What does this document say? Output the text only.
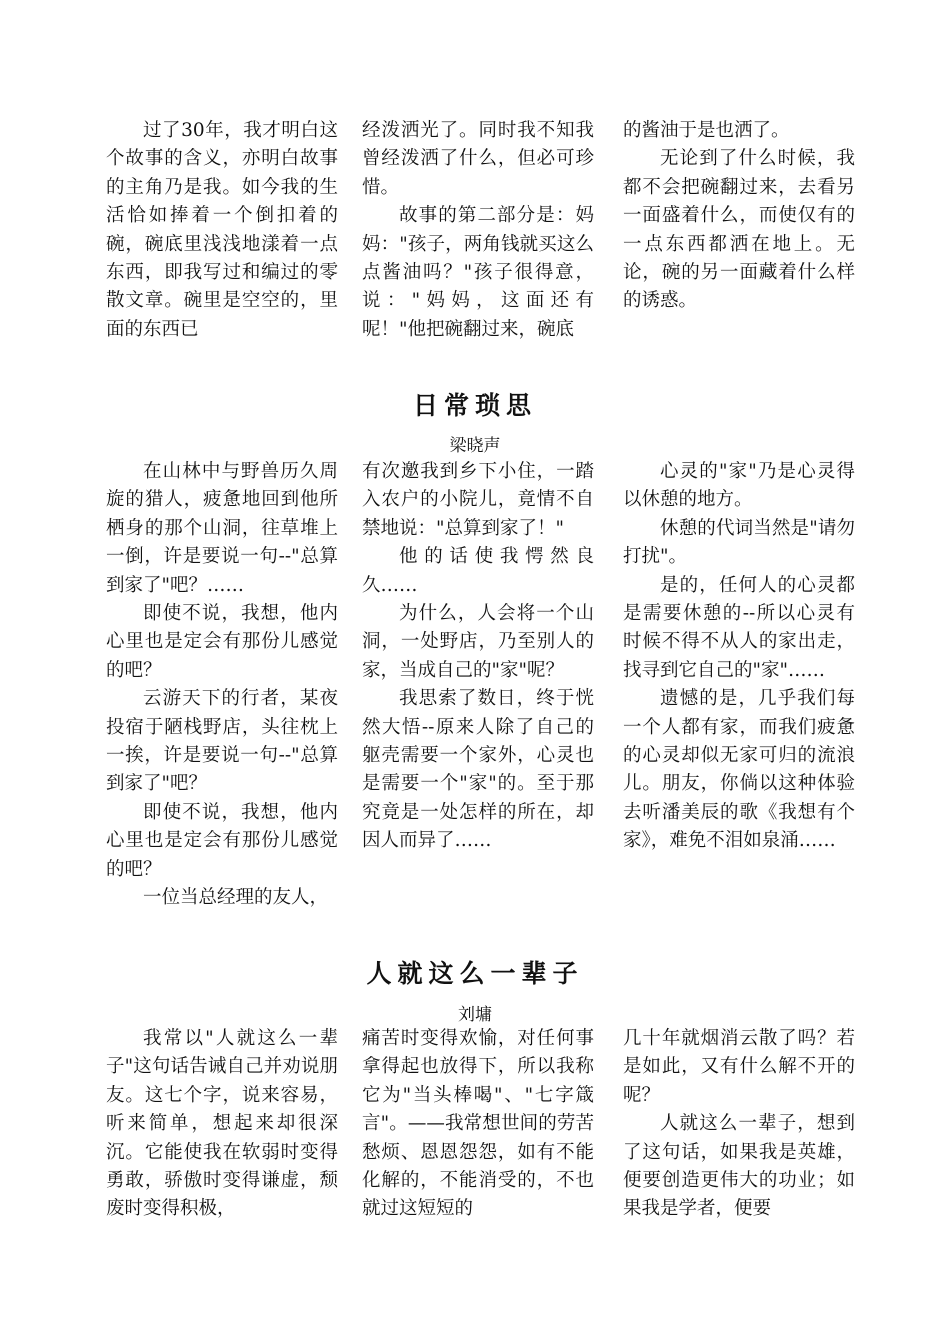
过了30年，我才明白这个故事的含义，亦明白故事的主角乃是我。如今我的生活恰如捧着一个倒扣着的碗，碗底里浅浅地漾着一点东西，即我写过和编过的零散文章。碗里是空空的，里面的东西已

经泼洒光了。同时我不知我曾经泼洒了什么，但必可珍惜。

故事的第二部分是：妈妈："孩子，两角钱就买这么点酱油吗？"孩子很得意，说："妈妈，这面还有呢！"他把碗翻过来，碗底

的酱油于是也洒了。

无论到了什么时候，我都不会把碗翻过来，去看另一面盛着什么，而使仅有的一点东西都洒在地上。无论，碗的另一面藏着什么样的诱惑。

日常琐思
梁晓声

在山林中与野兽历久周旋的猎人，疲惫地回到他所栖身的那个山洞，往草堆上一倒，许是要说一句--"总算到家了"吧？……

即使不说，我想，他内心里也是定会有那份儿感觉的吧？

云游天下的行者，某夜投宿于陋栈野店，头往枕上一挨，许是要说一句--"总算到家了"吧？

即使不说，我想，他内心里也是定会有那份儿感觉的吧？

一位当总经理的友人，

有次邀我到乡下小住，一踏入农户的小院儿，竟情不自禁地说："总算到家了！"

他的话使我愕然良久……

为什么，人会将一个山洞，一处野店，乃至别人的家，当成自己的"家"呢？

我思索了数日，终于恍然大悟--原来人除了自己的躯壳需要一个家外，心灵也是需要一个"家"的。至于那究竟是一处怎样的所在，却因人而异了……

心灵的"家"乃是心灵得以休憩的地方。

休憩的代词当然是"请勿打扰"。

是的，任何人的心灵都是需要休憩的--所以心灵有时候不得不从人的家出走，找寻到它自己的"家"……

遗憾的是，几乎我们每一个人都有家，而我们疲惫的心灵却似无家可归的流浪儿。朋友，你倘以这种体验去听潘美辰的歌《我想有个家》，难免不泪如泉涌……

人就这么一辈子
刘墉

我常以"人就这么一辈子"这句话告诫自己并劝说朋友。这七个字，说来容易，听来简单，想起来却很深沉。它能使我在软弱时变得勇敢，骄傲时变得谦虚，颓废时变得积极，

痛苦时变得欢愉，对任何事拿得起也放得下，所以我称它为"当头棒喝"、"七字箴言"。——我常想世间的劳苦愁烦、恩恩怨怨，如有不能化解的，不能消受的，不也就过这短短的

几十年就烟消云散了吗？若是如此，又有什么解不开的呢？

人就这么一辈子，想到了这句话，如果我是英雄，便要创造更伟大的功业；如果我是学者，便要
